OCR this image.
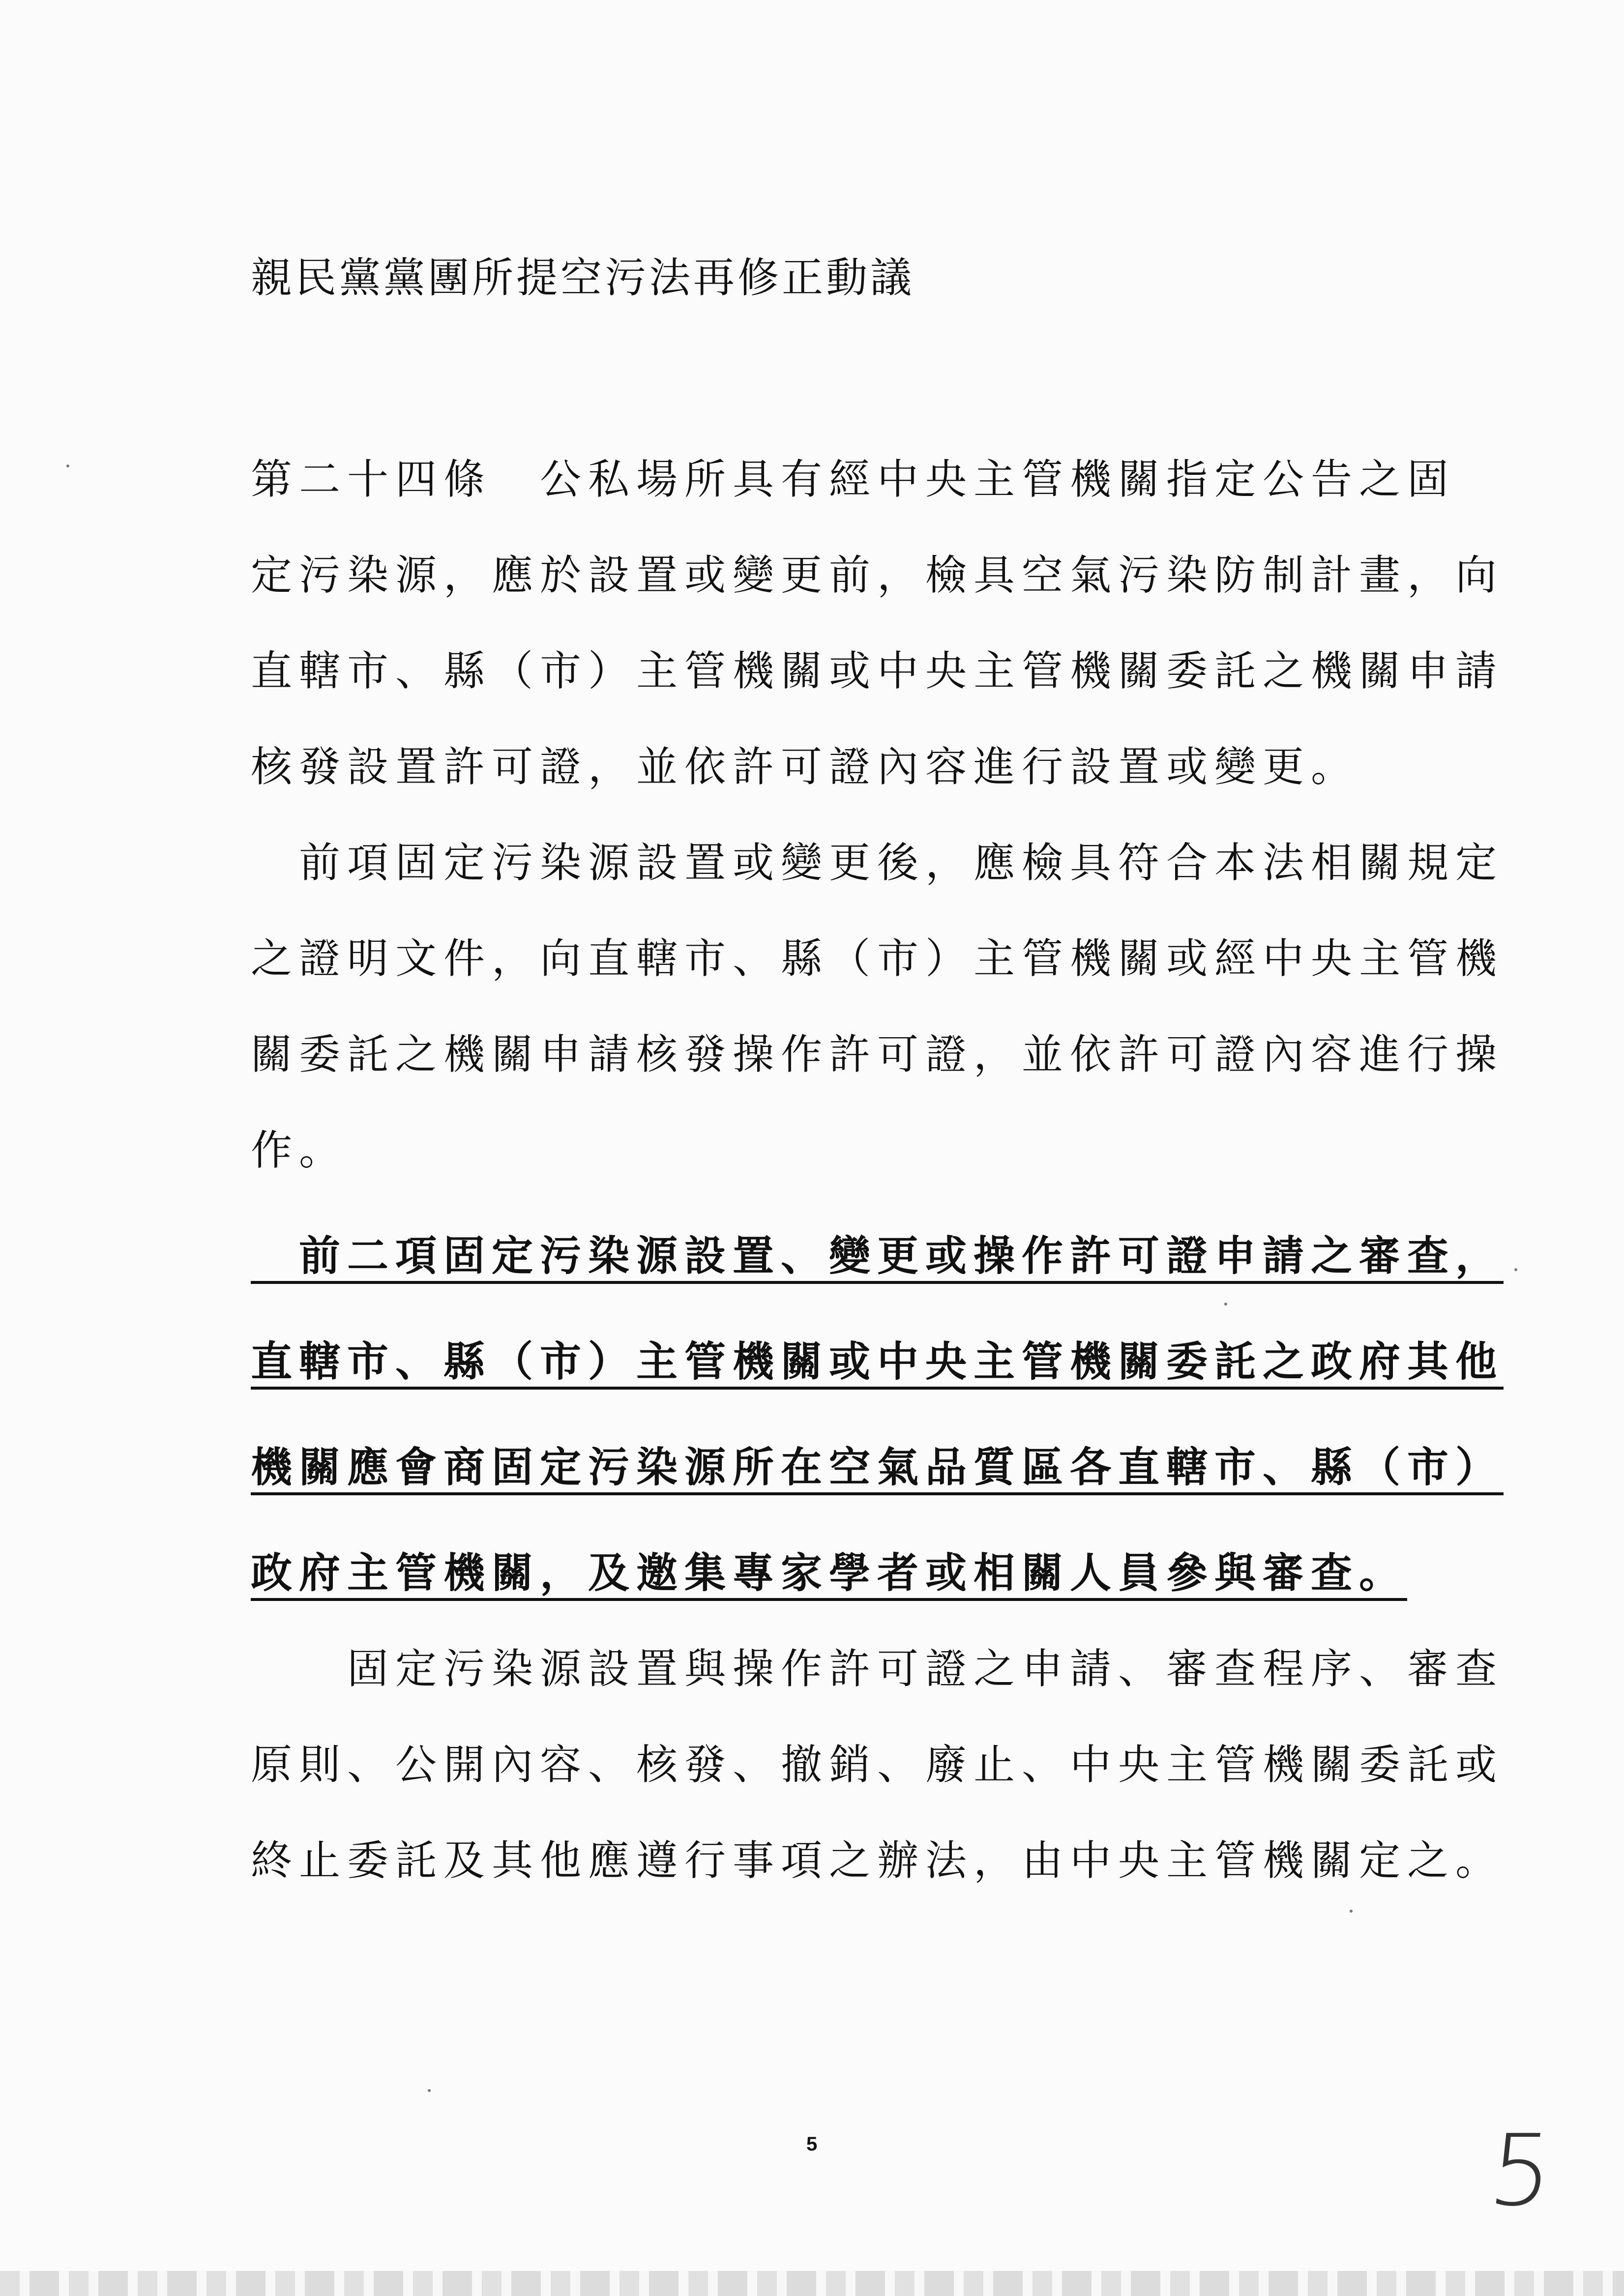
親民黨黨團所提空污法再修正動議

第二十四條　公私場所具有經中央主管機關指定公告之固

定污染源，應於設置或變更前，檢具空氣污染防制計畫，向

直轄市、縣（市）主管機關或中央主管機關委託之機關申請

核發設置許可證，並依許可證內容進行設置或變更。

　前項固定污染源設置或變更後，應檢具符合本法相關規定

之證明文件，向直轄市、縣（市）主管機關或經中央主管機

關委託之機關申請核發操作許可證，並依許可證內容進行操

作。

　前二項固定污染源設置、變更或操作許可證申請之審查，

直轄市、縣（市）主管機關或中央主管機關委託之政府其他

機關應會商固定污染源所在空氣品質區各直轄市、縣（市）

政府主管機關，及邀集專家學者或相關人員參與審查。

　　固定污染源設置與操作許可證之申請、審查程序、審查

原則、公開內容、核發、撤銷、廢止、中央主管機關委託或

終止委託及其他應遵行事項之辦法，由中央主管機關定之。

5	5
